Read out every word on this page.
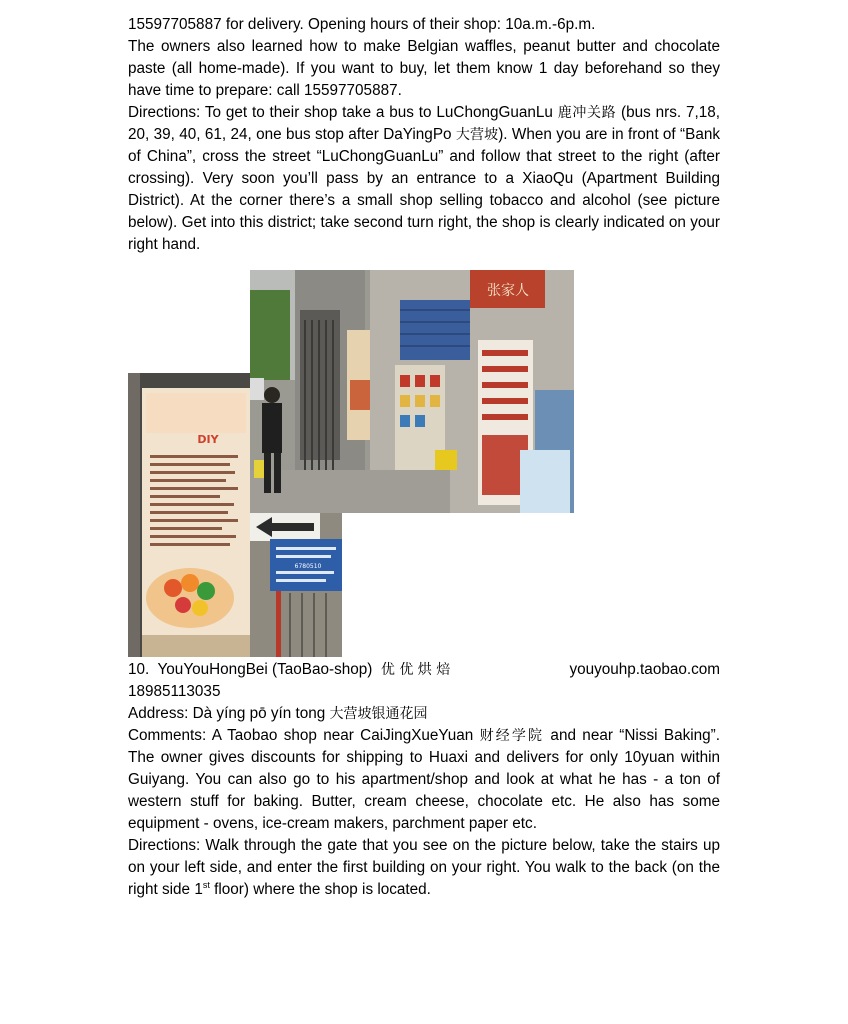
15597705887 for delivery. Opening hours of their shop: 10a.m.-6p.m.

The owners also learned how to make Belgian waffles, peanut butter and chocolate paste (all home-made). If you want to buy, let them know 1 day beforehand so they have time to prepare: call 15597705887.

Directions: To get to their shop take a bus to LuChongGuanLu 鹿冲关路 (bus nrs. 7,18, 20, 39, 40, 61, 24, one bus stop after DaYingPo 大营坡). When you are in front of “Bank of China”, cross the street “LuChongGuanLu” and follow that street to the right (after crossing). Very soon you’ll pass by an entrance to a XiaoQu (Apartment Building District). At the corner there’s a small shop selling tobacco and alcohol (see picture below). Get into this district; take second turn right, the shop is clearly indicated on your right hand.

张家人
DIY
6780510
10. YouYouHongBei (TaoBao-shop) 优 优 烘 焙	youyouhp.taobao.com

18985113035

Address: Dà yíng pō yín tong 大营坡银通花园

Comments: A Taobao shop near CaiJingXueYuan 财经学院 and near “Nissi Baking”. The owner gives discounts for shipping to Huaxi and delivers for only 10yuan within Guiyang. You can also go to his apartment/shop and look at what he has - a ton of western stuff for baking. Butter, cream cheese, chocolate etc. He also has some equipment - ovens, ice-cream makers, parchment paper etc.

Directions: Walk through the gate that you see on the picture below, take the stairs up on your left side, and enter the first building on your right. You walk to the back (on the right side 1st floor) where the shop is located.
